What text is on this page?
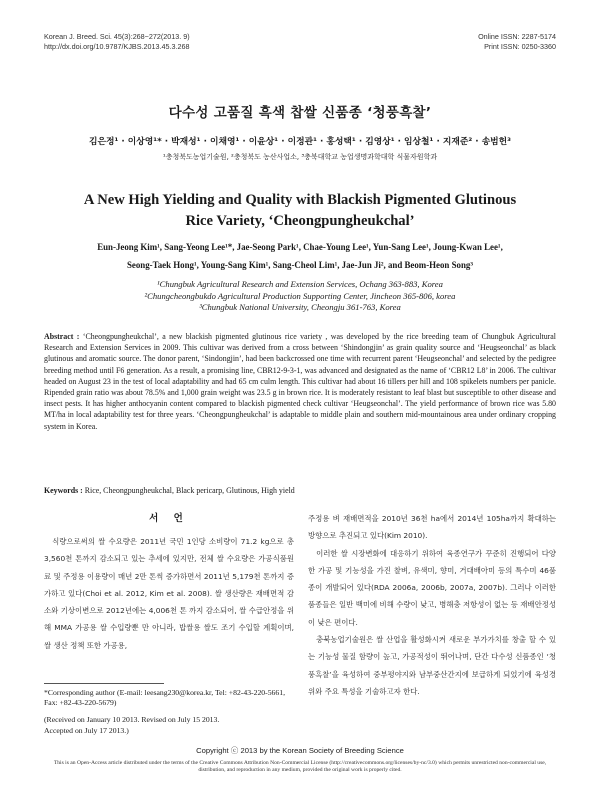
Korean J. Breed. Sci. 45(3):268~272(2013. 9)
http://dx.doi.org/10.9787/KJBS.2013.45.3.268
Online ISSN: 2287-5174
Print ISSN: 0250-3360
다수성 고품질 흑색 찹쌀 신품종 ‘청풍흑찰’
김은정¹ · 이상영¹* · 박재성¹ · 이채영¹ · 이윤상¹ · 이정관¹ · 홍성택¹ · 김영상¹ · 임상철¹ · 지재준² · 송범헌³
¹충청북도농업기술원, ²충청북도 농산사업소, ³충북대학교 농업생명과학대학 식물자원학과
A New High Yielding and Quality with Blackish Pigmented Glutinous
Rice Variety, ‘Cheongpungheukchal’
Eun-Jeong Kim¹, Sang-Yeong Lee¹*, Jae-Seong Park¹, Chae-Young Lee¹, Yun-Sang Lee¹, Joung-Kwan Lee¹,
Seong-Taek Hong¹, Young-Sang Kim¹, Sang-Cheol Lim¹, Jae-Jun Ji², and Beom-Heon Song³
¹Chungbuk Agricultural Research and Extension Services, Ochang 363-883, Korea
²Chungcheongbukdo Agricultural Production Supporting Center, Jincheon 365-806, korea
³Chungbuk National University, Cheongju 361-763, Korea
Abstract : ‘Cheongpungheukchal’, a new blackish pigmented glutinous rice variety , was developed by the rice breeding team of Chungbuk Agricultural Research and Extension Services in 2009. This cultivar was derived from a cross between ‘Shindongjin’ as grain quality source and ‘Heugseonchal’ as black glutinous and aromatic source. The donor parent, ‘Sindongjin’, had been backcrossed one time with recurrent parent ‘Heugseonchal’ and selected by the pedigree breeding method until F6 generation. As a result, a promising line, CBR12-9-3-1, was advanced and designated as the name of ‘CBR12 L8’ in 2006. The cultivar headed on August 23 in the test of local adaptability and had 65 cm culm length. This cultivar had about 16 tillers per hill and 108 spikelets numbers per panicle. Ripended grain ratio was about 78.5% and 1,000 grain weight was 23.5 g in brown rice. It is moderately resistant to leaf blast but susceptible to other disease and insect pests. It has higher anthocyanin content compared to blackish pigmented check cultivar ‘Heugseonchal’. The yield performance of brown rice was 5.80 MT/ha in local adaptability test for three years. ‘Cheongpungheukchal’ is adaptable to middle plain and southern mid-mountainous area under ordinary cropping system in Korea.
Keywords : Rice, Cheongpungheukchal, Black pericarp, Glutinous, High yield
서 언

식량으로써의 쌀 수요량은 2011년 국민 1인당 소비량이 71.2 kg으로 총 3,560천 톤까지 감소되고 있는 추세에 있지만, 전체 쌀 수요량은 가공식품원료 및 주정용 이용량이 매년 2만 톤씩 증가하면서 2011년 5,179천 톤까지 증가하고 있다(Choi et al. 2012, Kim et al. 2008). 쌀 생산량은 재배면적 감소와 기상이변으로 2012년에는 4,006천 톤 까지 감소되어, 쌀 수급안정을 위해 MMA 가공용 쌀 수입량뿐 만 아니라, 밥쌀용 쌀도 조기 수입할 계획이며, 쌀 생산 정책 또한 가공용,

주정용 벼 재배면적을 2010년 36천 ha에서 2014년 105ha까지 확대하는 방향으로 추진되고 있다(Kim 2010).

이러한 쌀 시장변화에 대응하기 위하여 육종연구가 꾸준히 진행되어 다양한 가공 및 기능성을 가진 찰벼, 유색미, 향미, 거대배아미 등의 특수미 46품종이 개발되어 있다(RDA 2006a, 2006b, 2007a, 2007b). 그러나 이러한 품종들은 일반 백미에 비해 수량이 낮고, 병해충 저항성이 없는 등 재배안정성이 낮은 편이다.

충북농업기술원은 쌀 산업을 활성화시켜 새로운 부가가치를 창출 할 수 있는 기능성 물질 함량이 높고, 가공적성이 뛰어나며, 단간 다수성 신품종인 ‘청풍흑찰’을 육성하여 중부평야지와 남부중산간지에 보급하게 되었기에 육성경위와 주요 특성을 기술하고자 한다.

*Corresponding author (E-mail: leesang230@korea.kr, Tel: +82-43-220-5661, Fax: +82-43-220-5679)
(Received on January 10 2013. Revised on July 15 2013.
Accepted on July 17 2013.)
Copyright ⓒ 2013 by the Korean Society of Breeding Science
This is an Open-Access article distributed under the terms of the Creative Commons Attribution Non-Commercial License (http://creativecommons.org/licenses/by-nc/3.0) which permits unrestricted non-commercial use, distribution, and reproduction in any medium, provided the original work is properly cited.
